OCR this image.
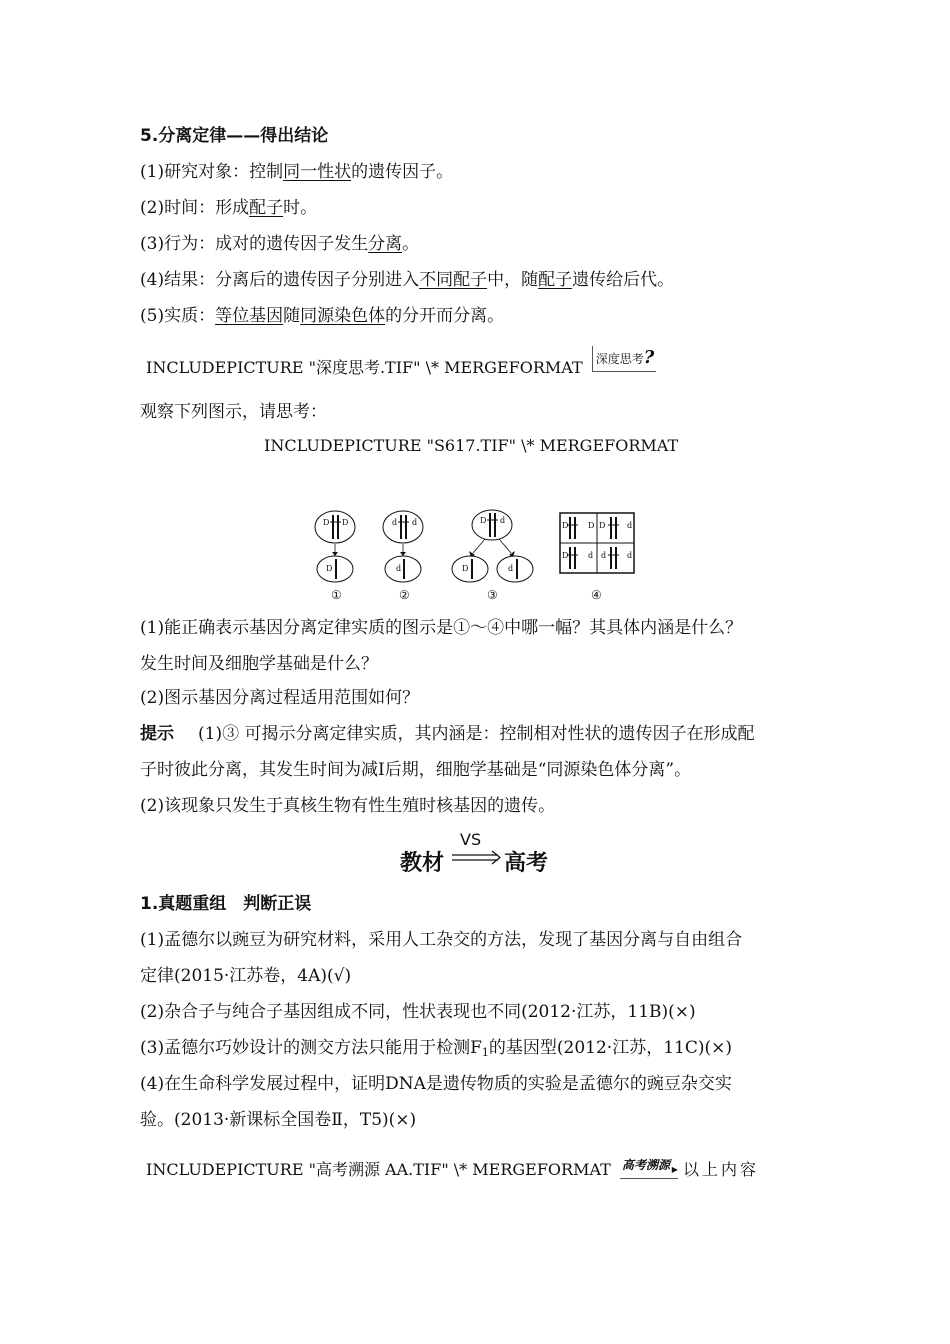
5.分离定律——得出结论
(1)研究对象：控制同一性状的遗传因子。
(2)时间：形成配子时。
(3)行为：成对的遗传因子发生分离。
(4)结果：分离后的遗传因子分别进入不同配子中，随配子遗传给后代。
(5)实质：等位基因随同源染色体的分开而分离。
INCLUDEPICTURE "深度思考.TIF" \* MERGEFORMAT 深度思考?
观察下列图示，请思考：
INCLUDEPICTURE "S617.TIF" \* MERGEFORMAT
D D
D
①
d d
d
②
D d
D	d
③
D D D	d
D d d	d
④
(1)能正确表示基因分离定律实质的图示是①～④中哪一幅？其具体内涵是什么？
发生时间及细胞学基础是什么？
(2)图示基因分离过程适用范围如何？
提示 (1)③ 可揭示分离定律实质，其内涵是：控制相对性状的遗传因子在形成配
子时彼此分离，其发生时间为减Ⅰ后期，细胞学基础是“同源染色体分离”。
(2)该现象只发生于真核生物有性生殖时核基因的遗传。
教材
VS
高考
1.真题重组　判断正误
(1)孟德尔以豌豆为研究材料，采用人工杂交的方法，发现了基因分离与自由组合
定律(2015·江苏卷，4A)(√)
(2)杂合子与纯合子基因组成不同，性状表现也不同(2012·江苏，11B)(×)
(3)孟德尔巧妙设计的测交方法只能用于检测$F_1$的基因型(2012·江苏，11C)(×)
(4)在生命科学发展过程中，证明DNA是遗传物质的实验是孟德尔的豌豆杂交实
验。(2013·新课标全国卷Ⅱ，T5)(×)
INCLUDEPICTURE "高考溯源 AA.TIF" \* MERGEFORMAT 高考溯源 ▶ 以上内容
